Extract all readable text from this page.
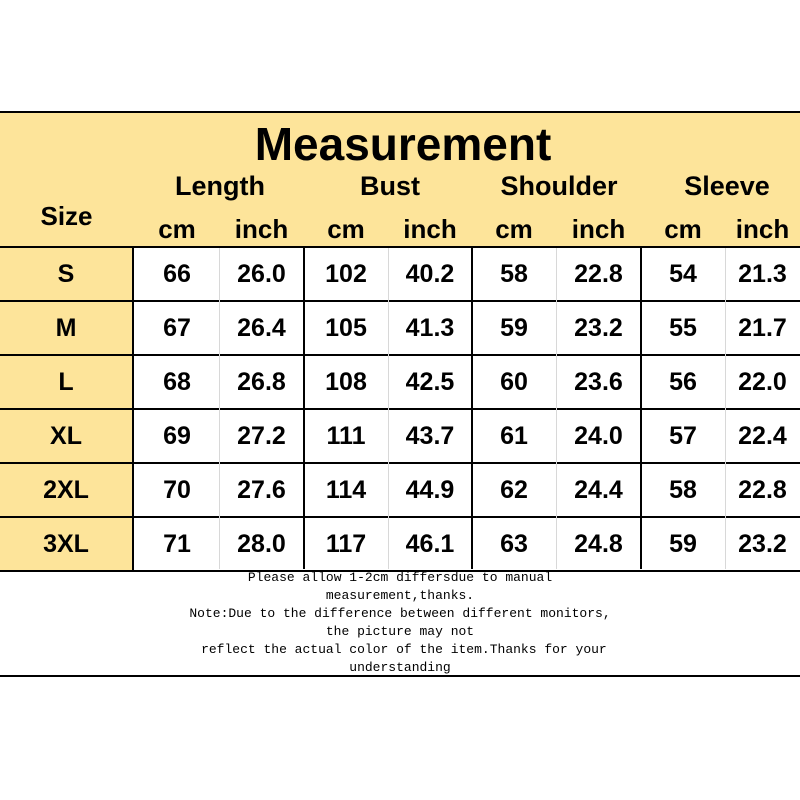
Measurement
Size
Length	Bust	Shoulder	Sleeve
cm	inch	cm	inch	cm	inch	cm	inch
S	66	26.0	102	40.2	58	22.8	54	21.3
M	67	26.4	105	41.3	59	23.2	55	21.7
L	68	26.8	108	42.5	60	23.6	56	22.0
XL	69	27.2	111	43.7	61	24.0	57	22.4
2XL	70	27.6	114	44.9	62	24.4	58	22.8
3XL	71	28.0	117	46.1	63	24.8	59	23.2
Please allow 1-2cm differsdue to manual
measurement,thanks.
Note:Due to the difference between different monitors,
the picture may not
reflect the actual color of the item.Thanks for your
understanding
